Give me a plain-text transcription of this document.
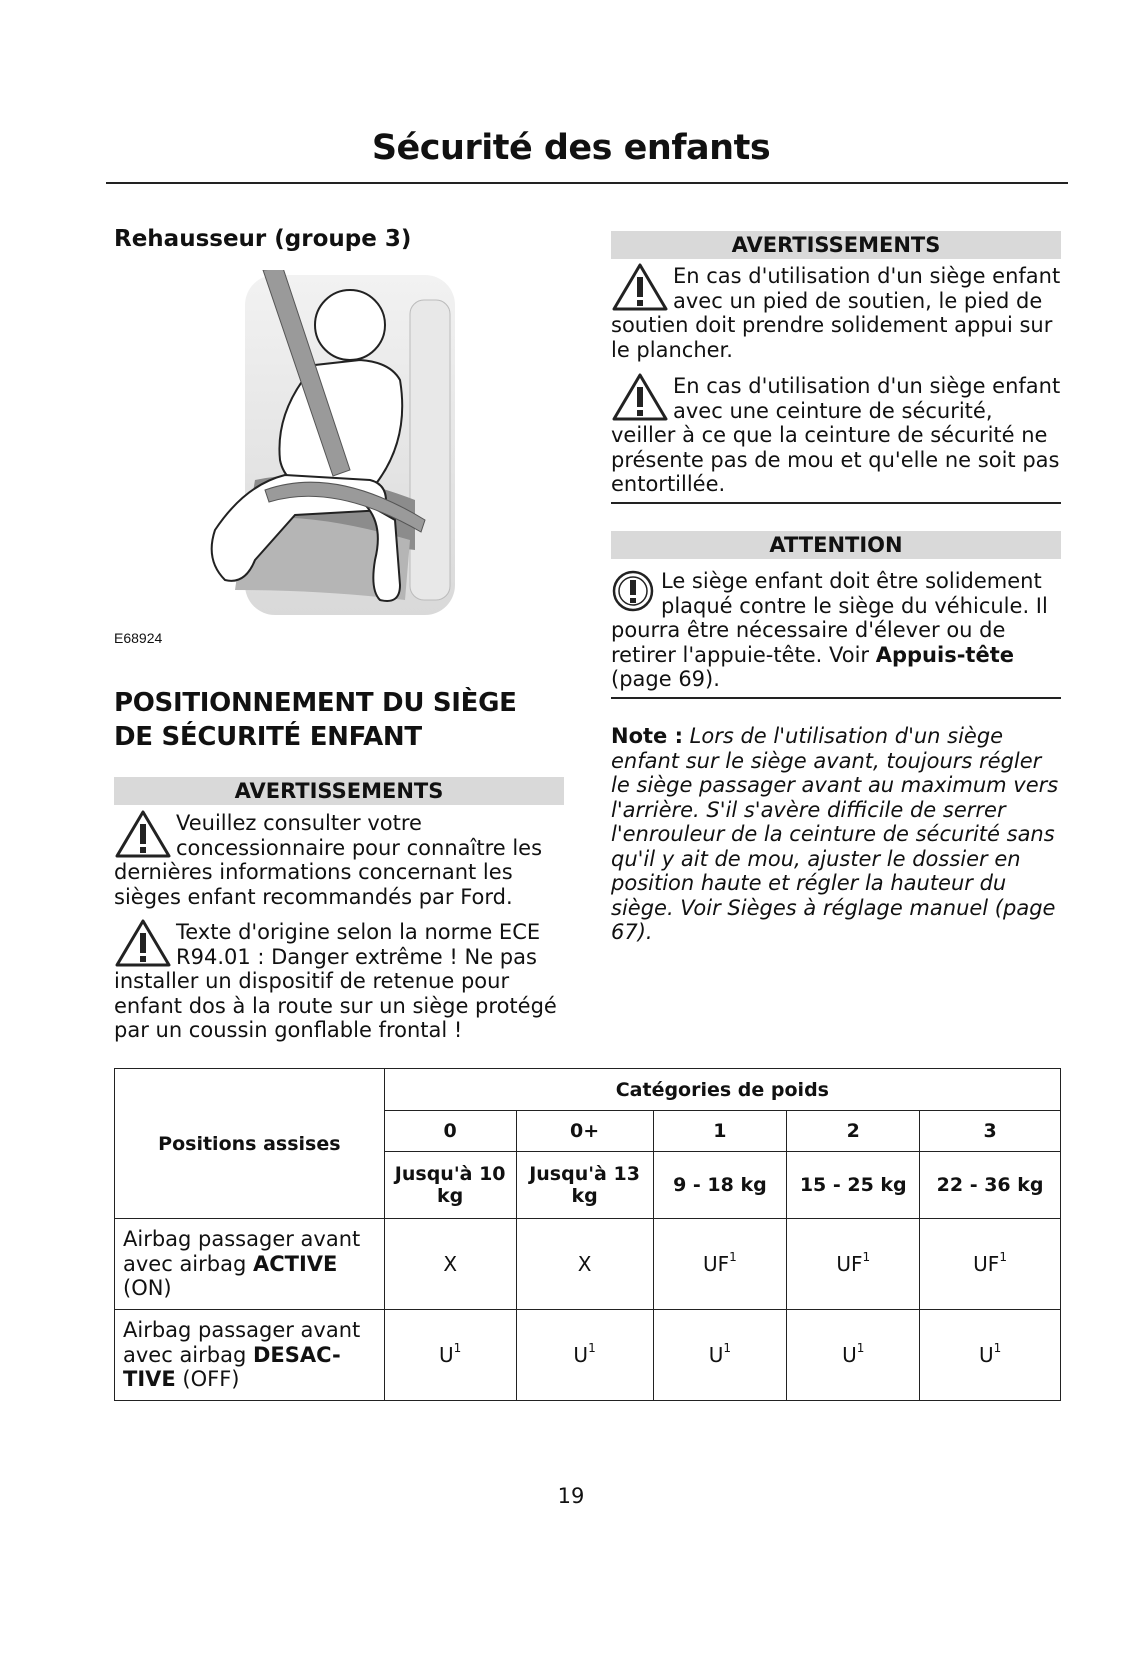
Sécurité des enfants
Rehausseur (groupe 3)
E68924
POSITIONNEMENT DU SIÈGE DE SÉCURITÉ ENFANT
AVERTISSEMENTS
Veuillez consulter votre concessionnaire pour connaître les dernières informations concernant les sièges enfant recommandés par Ford.
Texte d'origine selon la norme ECE R94.01 : Danger extrême ! Ne pas installer un dispositif de retenue pour enfant dos à la route sur un siège protégé par un coussin gonflable frontal !
AVERTISSEMENTS
En cas d'utilisation d'un siège enfant avec un pied de soutien, le pied de soutien doit prendre solidement appui sur le plancher.
En cas d'utilisation d'un siège enfant avec une ceinture de sécurité, veiller à ce que la ceinture de sécurité ne présente pas de mou et qu'elle ne soit pas entortillée.
ATTENTION
Le siège enfant doit être solidement plaqué contre le siège du véhicule. Il pourra être nécessaire d'élever ou de retirer l'appuie-tête. Voir Appuis-tête (page 69).
Note : Lors de l'utilisation d'un siège enfant sur le siège avant, toujours régler le siège passager avant au maximum vers l'arrière. S'il s'avère difficile de serrer l'enrouleur de la ceinture de sécurité sans qu'il y ait de mou, ajuster le dossier en position haute et régler la hauteur du siège. Voir Sièges à réglage manuel (page 67).
Positions assises	Catégories de poids				
	0	0+	1	2	3
	Jusqu'à 10 kg	Jusqu'à 13 kg	9 - 18 kg	15 - 25 kg	22 - 36 kg
Airbag passager avant avec airbag ACTIVE (ON)	X	X	$UF^1$	$UF^1$	$UF^1$
Airbag passager avant avec airbag DESAC-TIVE (OFF)	$U^1$	$U^1$	$U^1$	$U^1$	$U^1$
19
